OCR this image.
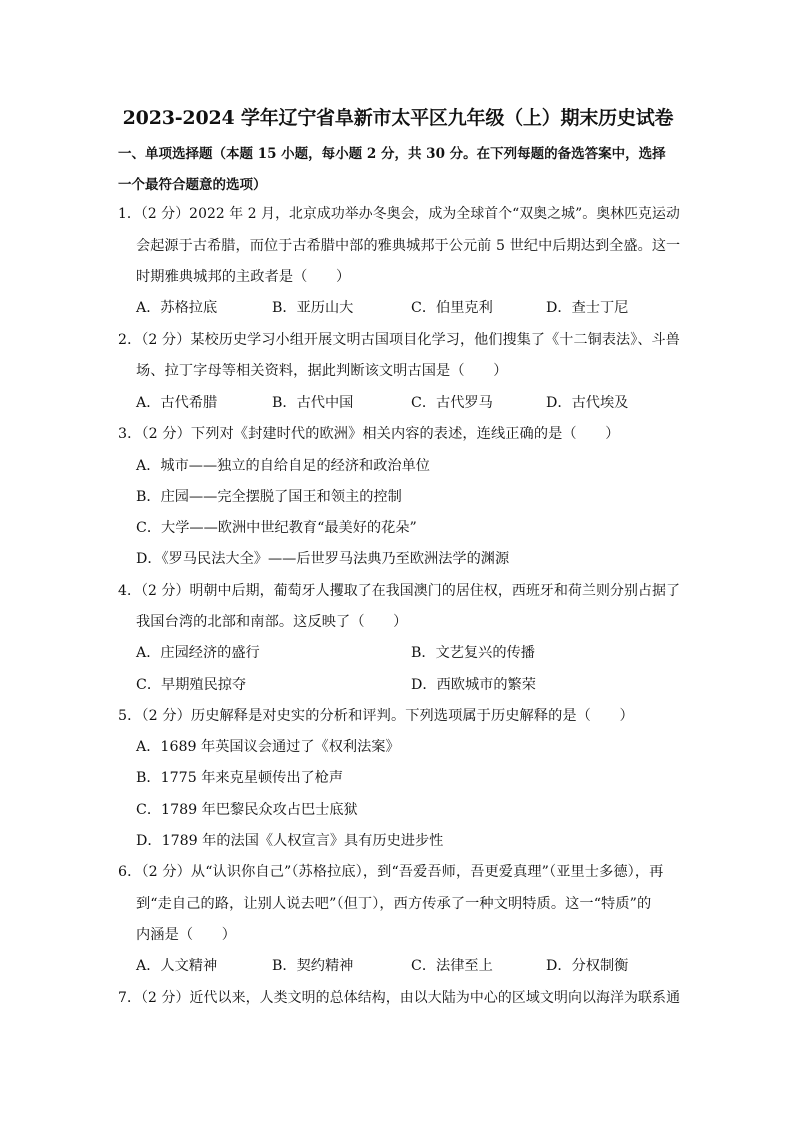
2023-2024 学年辽宁省阜新市太平区九年级（上）期末历史试卷
一、单项选择题（本题 15 小题，每小题 2 分，共 30 分。在下列每题的备选答案中，选择
一个最符合题意的选项）
1．（2 分）2022 年 2 月，北京成功举办冬奥会，成为全球首个“双奥之城”。奥林匹克运动
会起源于古希腊，而位于古希腊中部的雅典城邦于公元前 5 世纪中后期达到全盛。这一
时期雅典城邦的主政者是（　　）
A．苏格拉底	B．亚历山大	C．伯里克利	D．查士丁尼
2．（2 分）某校历史学习小组开展文明古国项目化学习，他们搜集了《十二铜表法》、斗兽
场、拉丁字母等相关资料，据此判断该文明古国是（　　）
A．古代希腊	B．古代中国	C．古代罗马	D．古代埃及
3．（2 分）下列对《封建时代的欧洲》相关内容的表述，连线正确的是（　　）
A．城市——独立的自给自足的经济和政治单位
B．庄园——完全摆脱了国王和领主的控制
C．大学——欧洲中世纪教育“最美好的花朵”
D．《罗马民法大全》——后世罗马法典乃至欧洲法学的渊源
4．（2 分）明朝中后期，葡萄牙人攫取了在我国澳门的居住权，西班牙和荷兰则分别占据了
我国台湾的北部和南部。这反映了（　　）
A．庄园经济的盛行	B．文艺复兴的传播
C．早期殖民掠夺	D．西欧城市的繁荣
5．（2 分）历史解释是对史实的分析和评判。下列选项属于历史解释的是（　　）
A．1689 年英国议会通过了《权利法案》
B．1775 年来克星顿传出了枪声
C．1789 年巴黎民众攻占巴士底狱
D．1789 年的法国《人权宣言》具有历史进步性
6．（2 分）从“认识你自己”（苏格拉底），到“吾爱吾师，吾更爱真理”（亚里士多德），再
到“走自己的路，让别人说去吧”（但丁），西方传承了一种文明特质。这一“特质”的
内涵是（　　）
A．人文精神	B．契约精神	C．法律至上	D．分权制衡
7．（2 分）近代以来，人类文明的总体结构，由以大陆为中心的区域文明向以海洋为联系通
